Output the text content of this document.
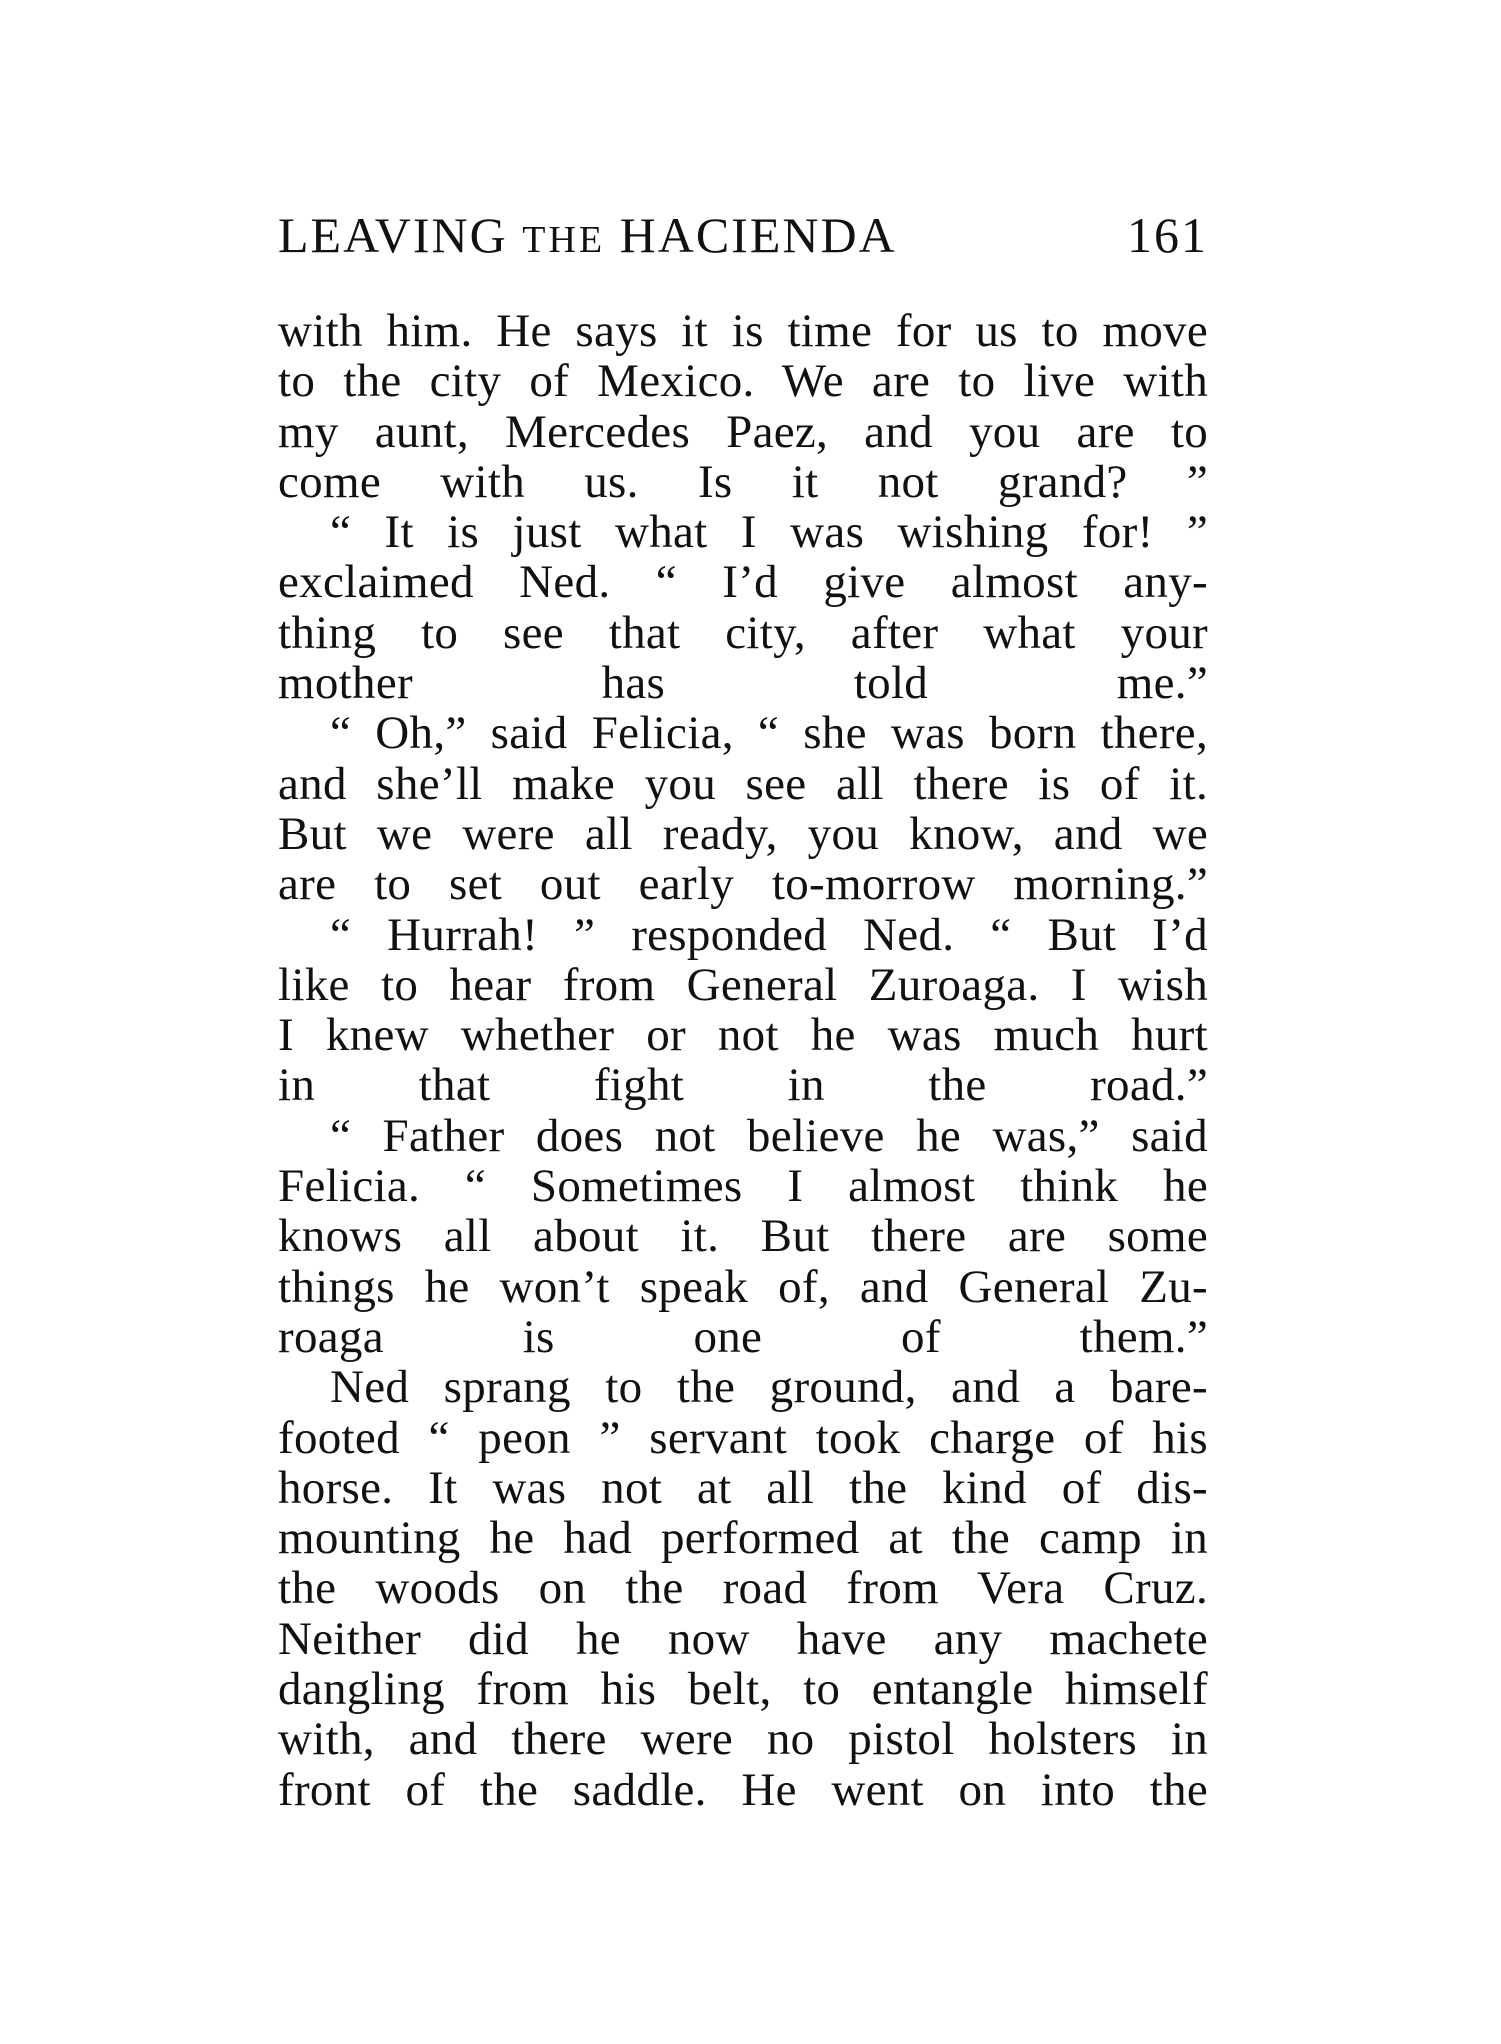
LEAVING THE HACIENDA	161
with him. He says it is time for us to move
to the city of Mexico. We are to live with
my aunt, Mercedes Paez, and you are to
come with us. Is it not grand? ”
“ It is just what I was wishing for! ”
exclaimed Ned. “ I’d give almost any-
thing to see that city, after what your
mother has told me.”
“ Oh,” said Felicia, “ she was born there,
and she’ll make you see all there is of it.
But we were all ready, you know, and we
are to set out early to-morrow morning.”
“ Hurrah! ” responded Ned. “ But I’d
like to hear from General Zuroaga. I wish
I knew whether or not he was much hurt
in that fight in the road.”
“ Father does not believe he was,” said
Felicia. “ Sometimes I almost think he
knows all about it. But there are some
things he won’t speak of, and General Zu-
roaga is one of them.”
Ned sprang to the ground, and a bare-
footed “ peon ” servant took charge of his
horse. It was not at all the kind of dis-
mounting he had performed at the camp in
the woods on the road from Vera Cruz.
Neither did he now have any machete
dangling from his belt, to entangle himself
with, and there were no pistol holsters in
front of the saddle. He went on into the
